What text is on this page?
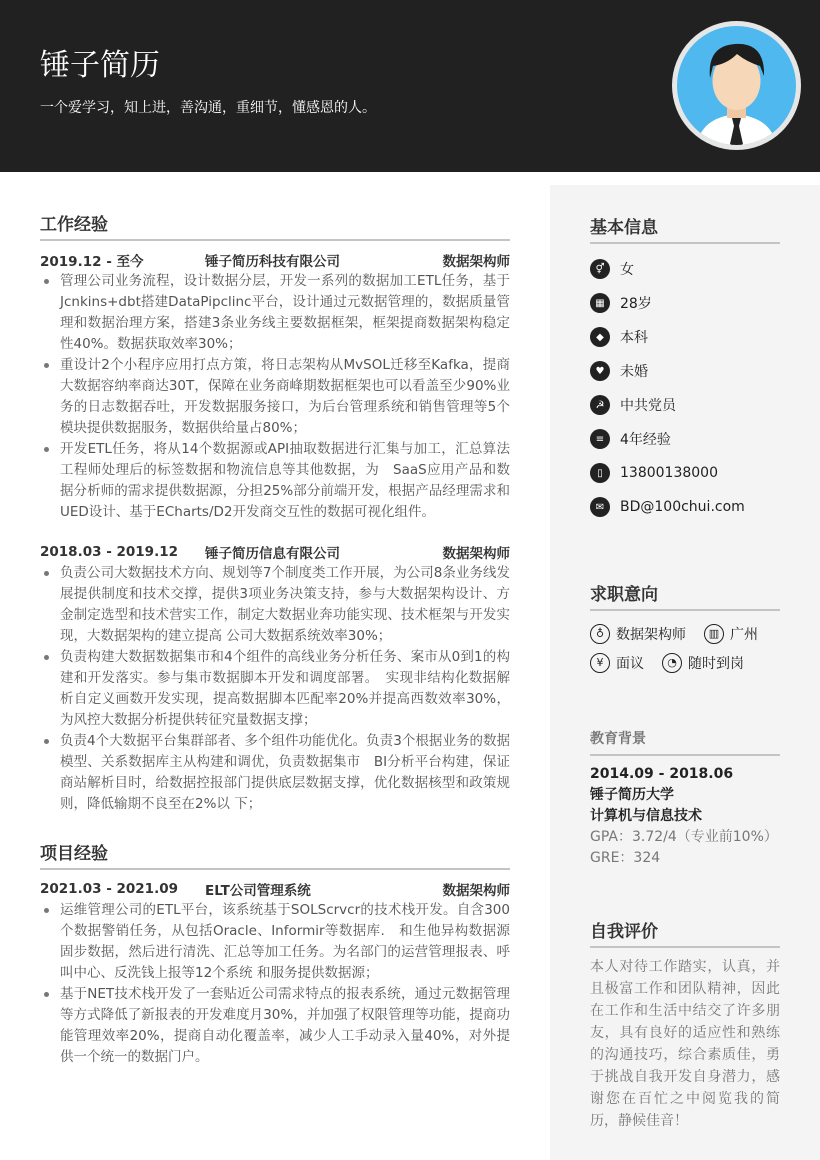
锤子简历
一个爱学习，知上进，善沟通，重细节，懂感恩的人。
工作经验
2019.12 - 至今	锤子简历科技有限公司	数据架构师
管理公司业务流程，设计数据分层，开发一系列的数据加工ETL任务，基于Jcnkins+dbt搭建DataPipclinc平台，设计通过元数据管理的，数据质量管理和数据治理方案，搭建3条业务线主要数据框架，框架提商数据架构稳定性40%。数据获取效率30%；
重设计2个小程序应用打点方策，将日志架构从MvSOL迁移至Kafka，提商大数据容纳率商达30T，保障在业务商峰期数据框架也可以看盖至少90%业务的日志数据吞吐，开发数据服务接口，为后台管理系统和销售管理等5个模块提供数据服务，数据供给量占80%；
开发ETL任务，将从14个数据源或API抽取数据进行汇集与加工，汇总算法工程师处理后的标签数据和物流信息等其他数据，为　SaaS应用产品和数据分析师的需求提供数据源，分担25%部分前端开发，根据产品经理需求和UED设计、基于ECharts/D2开发商交互性的数据可视化组件。
2018.03 - 2019.12 锤子简历信息有限公司	数据架构师
负责公司大数据技术方向、规划等7个制度类工作开展，为公司8条业务线发展提供制度和技术交撑，提供3项业务决策支持，参与大数据架构设计、方金制定选型和技术营实工作，制定大数据业奔功能实现、技术框架与开发实现，大数据架构的建立提高 公司大数据系统效率30%；
负责构建大数据数据集市和4个组件的高线业务分析任务、案市从0到1的构建和开发落实。参与集市数据脚本开发和调度部署。　实现非结构化数据解析自定义画数开发实现，提高数据脚本匹配率20%并提高西数效率30%，为风控大数据分析提供转征究量数据支撑；
负责4个大数据平台集群部者、多个组件功能优化。负责3个根据业务的数据模型、关系数据库主从构建和调优，负责数据集市　BI分析平台构建，保证商站解析目时，给数据控报部门提供底层数据支撑，优化数据核型和政策规则，降低输期不良至在2%以 下；
项目经验
2021.03 - 2021.09 ELT公司管理系统	数据架构师
运维管理公司的ETL平台，该系统基于SOLScrvcr的技术栈开发。自含300个数据警销任务，从包括Oracle、Informir等数据库.　和生他异构数据源固步数据，然后进行清洗、汇总等加工任务。为名部门的运营管理报表、呼叫中心、反洗钱上报等12个系统 和服务提供数据源；
基于NET技术栈开发了一套贴近公司需求特点的报表系统，通过元数据管理等方式降低了新报表的开发难度月30%，并加强了权限管理等功能，提商功能管理效率20%，提商自动化覆盖率，减少人工手动录入量40%，对外提供一个统一的数据门户。
基本信息
⚥	女
▦	28岁
◆	本科
♥	未婚
☭	中共党员
≡	4年经验
▯	13800138000
✉	BD@100chui.com
求职意向
♁ 数据架构师	▥ 广州
¥ 面议	◔ 随时到岗
教育背景
2014.09 - 2018.06
锤子简历大学
计算机与信息技术
GPA：3.72/4（专业前10%）
GRE：324
自我评价
本人对待工作踏实，认真，并且极富工作和团队精神，因此在工作和生活中结交了许多朋友，具有良好的适应性和熟练的沟通技巧，综合素质佳，勇于挑战自我开发自身潜力，感谢您在百忙之中阅览我的简历，静候佳音！
